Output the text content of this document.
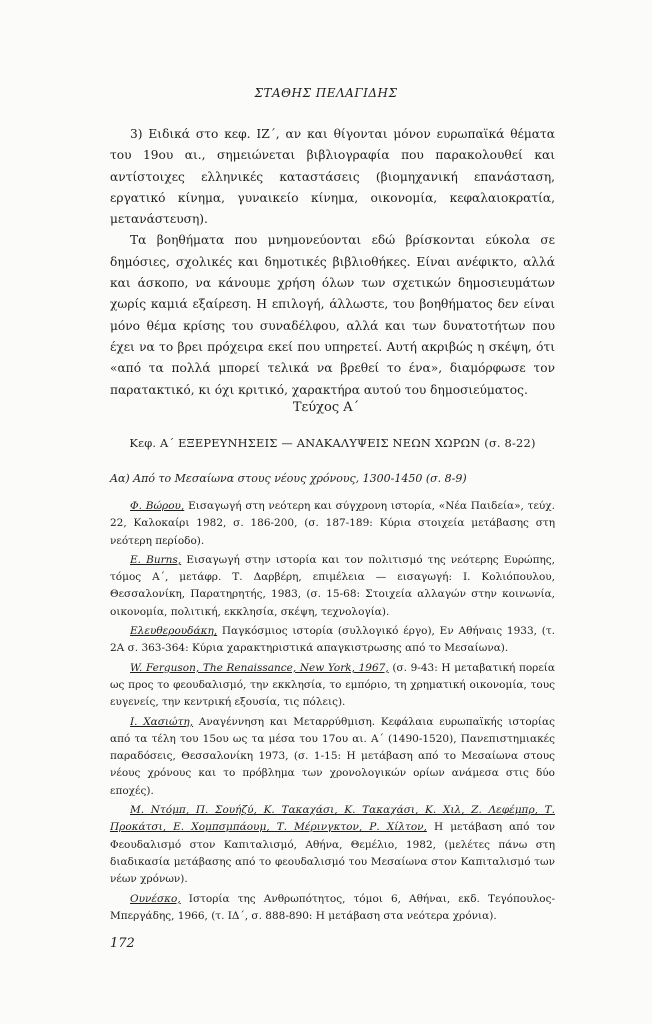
ΣΤΑΘΗΣ ΠΕΛΑΓΙΔΗΣ

3) Ειδικά στο κεφ. ΙΖ΄, αν και θίγονται μόνον ευρωπαϊκά θέματα του 19ου αι., σημειώνεται βιβλιογραφία που παρακολουθεί και αντίστοιχες ελληνικές καταστάσεις (βιομηχανική επανάσταση, εργατικό κίνημα, γυναικείο κίνημα, οικονομία, κεφαλαιοκρατία, μετανάστευση).

Τα βοηθήματα που μνημονεύονται εδώ βρίσκονται εύκολα σε δημόσιες, σχολικές και δημοτικές βιβλιοθήκες. Είναι ανέφικτο, αλλά και άσκοπο, να κάνουμε χρήση όλων των σχετικών δημοσιευμάτων χωρίς καμιά εξαίρεση. Η επιλογή, άλλωστε, του βοηθήματος δεν είναι μόνο θέμα κρίσης του συναδέλφου, αλλά και των δυνατοτήτων που έχει να το βρει πρόχειρα εκεί που υπηρετεί. Αυτή ακριβώς η σκέψη, ότι «από τα πολλά μπορεί τελικά να βρεθεί το ένα», διαμόρφωσε τον παρατακτικό, κι όχι κριτικό, χαρακτήρα αυτού του δημοσιεύματος.

Τεύχος Α΄
Κεφ. Α΄ ΕΞΕΡΕΥΝΗΣΕΙΣ — ΑΝΑΚΑΛΥΨΕΙΣ ΝΕΩΝ ΧΩΡΩΝ (σ. 8-22)
Αα) Από το Μεσαίωνα στους νέους χρόνους, 1300-1450 (σ. 8-9)

Φ. Βώρου, Εισαγωγή στη νεότερη και σύγχρονη ιστορία, «Νέα Παιδεία», τεύχ. 22, Καλοκαίρι 1982, σ. 186-200, (σ. 187-189: Κύρια στοιχεία μετάβασης στη νεότερη περίοδο).

E. Burns, Εισαγωγή στην ιστορία και τον πολιτισμό της νεότερης Ευρώπης, τόμος Α΄, μετάφρ. Τ. Δαρβέρη, επιμέλεια — εισαγωγή: Ι. Κολιόπουλου, Θεσσαλονίκη, Παρατηρητής, 1983, (σ. 15-68: Στοιχεία αλλαγών στην κοινωνία, οικονομία, πολιτική, εκκλησία, σκέψη, τεχνολογία).

Ελευθερουδάκη, Παγκόσμιος ιστορία (συλλογικό έργο), Εν Αθήναις 1933, (τ. 2Α σ. 363-364: Κύρια χαρακτηριστικά απαγκιστρωσης από το Μεσαίωνα).

W. Ferguson, The Renaissance, New York, 1967, (σ. 9-43: Η μεταβατική πορεία ως προς το φεουδαλισμό, την εκκλησία, το εμπόριο, τη χρηματική οικονομία, τους ευγενείς, την κεντρική εξουσία, τις πόλεις).

Ι. Χασιώτη, Αναγέννηση και Μεταρρύθμιση. Κεφάλαια ευρωπαϊκής ιστορίας από τα τέλη του 15ου ως τα μέσα του 17ου αι. Α΄ (1490-1520), Πανεπιστημιακές παραδόσεις, Θεσσαλονίκη 1973, (σ. 1-15: Η μετάβαση από το Μεσαίωνα στους νέους χρόνους και το πρόβλημα των χρονολογικών ορίων ανάμεσα στις δύο εποχές).

Μ. Ντόμπ, Π. Σουήζύ, Κ. Τακαχάσι, Κ. Τακαχάσι, Κ. Χιλ, Ζ. Λεφέμπρ, Τ. Προκάτσι, Ε. Χομπσμπάουμ, Τ. Μέρινγκτον, Ρ. Χίλτον, Η μετάβαση από τον Φεουδαλισμό στον Καπιταλισμό, Αθήνα, Θεμέλιο, 1982, (μελέτες πάνω στη διαδικασία μετάβασης από το φεουδαλισμό του Μεσαίωνα στον Καπιταλισμό των νέων χρόνων).

Ουνέσκο, Ιστορία της Ανθρωπότητος, τόμοι 6, Αθήναι, εκδ. Τεγόπουλος-Μπεργάδης, 1966, (τ. ΙΔ΄, σ. 888-890: Η μετάβαση στα νεότερα χρόνια).

172
